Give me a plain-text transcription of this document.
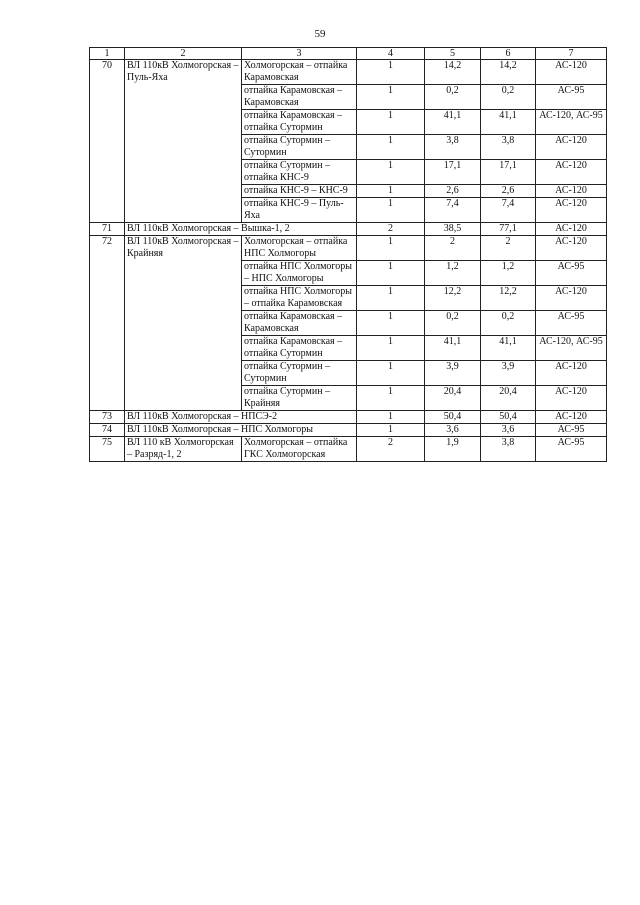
59
1	2	3	4	5	6	7
70	ВЛ 110кВ Холмогорская – Пуль-Яха	Холмогорская – отпайка Карамовская	1	14,2	14,2	АС-120
		отпайка Карамовская – Карамовская	1	0,2	0,2	АС-95
		отпайка Карамовская – отпайка Сутормин	1	41,1	41,1	АС-120, АС-95
		отпайка Сутормин – Сутормин	1	3,8	3,8	АС-120
		отпайка Сутормин – отпайка КНС-9	1	17,1	17,1	АС-120
		отпайка КНС-9 – КНС-9	1	2,6	2,6	АС-120
		отпайка КНС-9 – Пуль-Яха	1	7,4	7,4	АС-120
71	ВЛ 110кВ Холмогорская – Вышка-1, 2		2	38,5	77,1	АС-120
72	ВЛ 110кВ Холмогорская – Крайняя	Холмогорская – отпайка НПС Холмогоры	1	2	2	АС-120
		отпайка НПС Холмогоры – НПС Холмогоры	1	1,2	1,2	АС-95
		отпайка НПС Холмогоры – отпайка Карамовская	1	12,2	12,2	АС-120
		отпайка Карамовская – Карамовская	1	0,2	0,2	АС-95
		отпайка Карамовская – отпайка Сутормин	1	41,1	41,1	АС-120, АС-95
		отпайка Сутормин – Сутормин	1	3,9	3,9	АС-120
		отпайка Сутормин – Крайняя	1	20,4	20,4	АС-120
73	ВЛ 110кВ Холмогорская – НПСЭ-2		1	50,4	50,4	АС-120
74	ВЛ 110кВ Холмогорская – НПС Холмогоры		1	3,6	3,6	АС-95
75	ВЛ 110 кВ Холмогорская – Разряд-1, 2	Холмогорская – отпайка ГКС Холмогорская	2	1,9	3,8	АС-95
